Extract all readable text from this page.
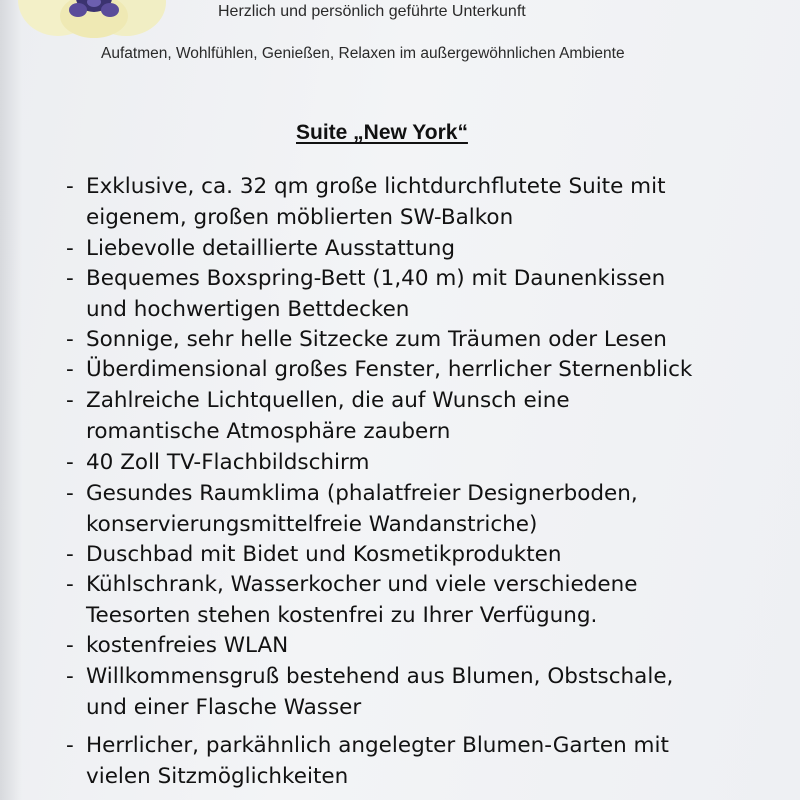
Herzlich und persönlich geführte Unterkunft
Aufatmen, Wohlfühlen, Genießen, Relaxen im außergewöhnlichen Ambiente
Suite „New York“
- Exklusive, ca. 32 qm große lichtdurchflutete Suite mit
eigenem, großen möblierten SW-Balkon
- Liebevolle detaillierte Ausstattung
- Bequemes Boxspring-Bett (1,40 m) mit Daunenkissen
und hochwertigen Bettdecken
- Sonnige, sehr helle Sitzecke zum Träumen oder Lesen
- Überdimensional großes Fenster, herrlicher Sternenblick
- Zahlreiche Lichtquellen, die auf Wunsch eine
romantische Atmosphäre zaubern
- 40 Zoll TV-Flachbildschirm
- Gesundes Raumklima (phalatfreier Designerboden,
konservierungsmittelfreie Wandanstriche)
- Duschbad mit Bidet und Kosmetikprodukten
- Kühlschrank, Wasserkocher und viele verschiedene
Teesorten stehen kostenfrei zu Ihrer Verfügung.
- kostenfreies WLAN
- Willkommensgruß bestehend aus Blumen, Obstschale,
und einer Flasche Wasser
- Herrlicher, parkähnlich angelegter Blumen-Garten mit
vielen Sitzmöglichkeiten
